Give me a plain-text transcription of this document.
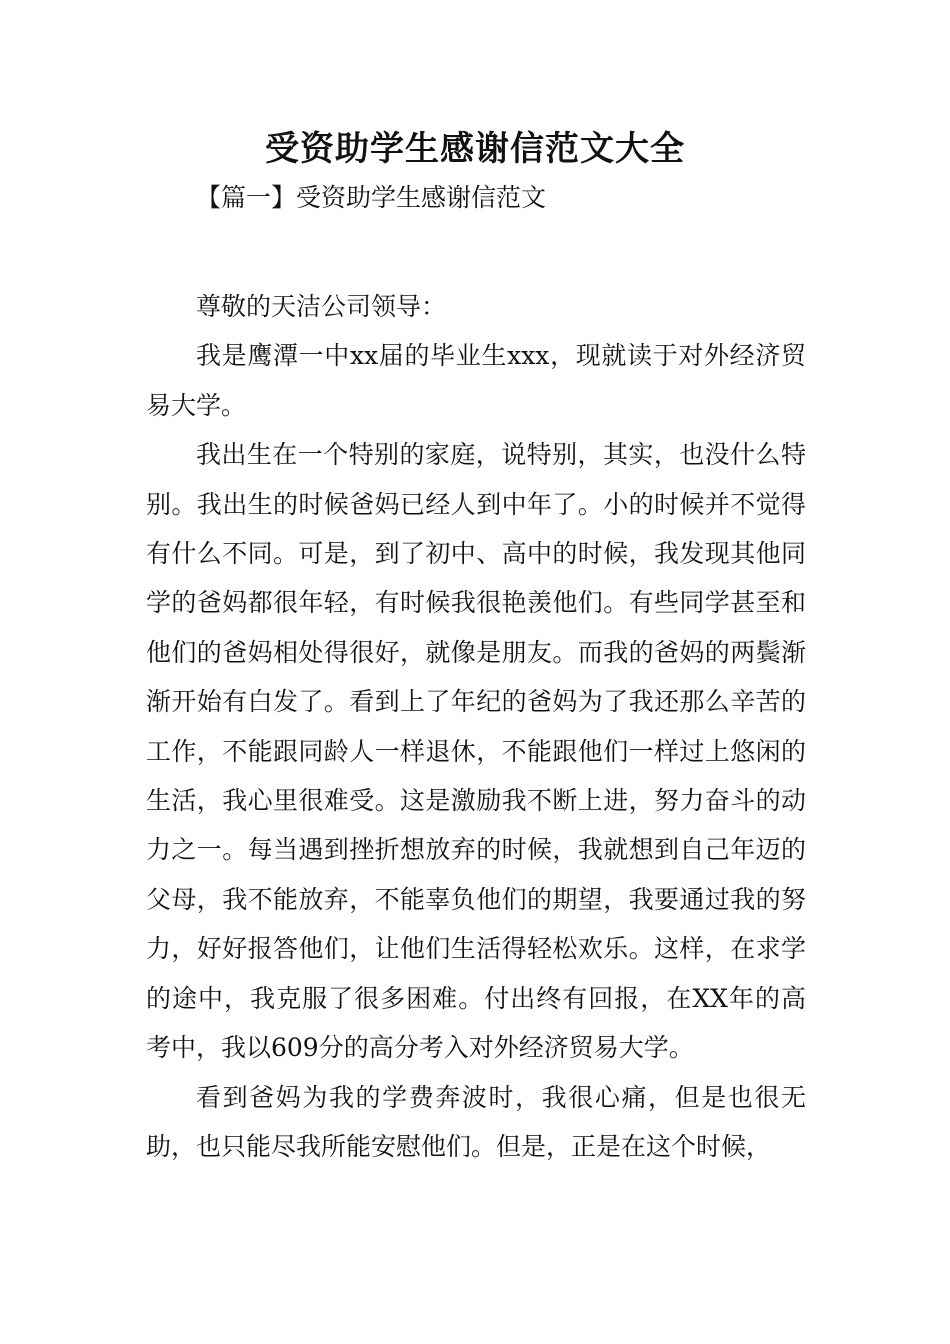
受资助学生感谢信范文大全
【篇一】受资助学生感谢信范文

尊敬的天洁公司领导：

我是鹰潭一中xx届的毕业生xxx，现就读于对外经济贸易大学。

我出生在一个特别的家庭，说特别，其实，也没什么特别。我出生的时候爸妈已经人到中年了。小的时候并不觉得有什么不同。可是，到了初中、高中的时候，我发现其他同学的爸妈都很年轻，有时候我很艳羡他们。有些同学甚至和他们的爸妈相处得很好，就像是朋友。而我的爸妈的两鬓渐渐开始有白发了。看到上了年纪的爸妈为了我还那么辛苦的工作，不能跟同龄人一样退休，不能跟他们一样过上悠闲的生活，我心里很难受。这是激励我不断上进，努力奋斗的动力之一。每当遇到挫折想放弃的时候，我就想到自己年迈的父母，我不能放弃，不能辜负他们的期望，我要通过我的努力，好好报答他们，让他们生活得轻松欢乐。这样，在求学的途中，我克服了很多困难。付出终有回报，在XX年的高考中，我以609分的高分考入对外经济贸易大学。

看到爸妈为我的学费奔波时，我很心痛，但是也很无助，也只能尽我所能安慰他们。但是，正是在这个时候，
